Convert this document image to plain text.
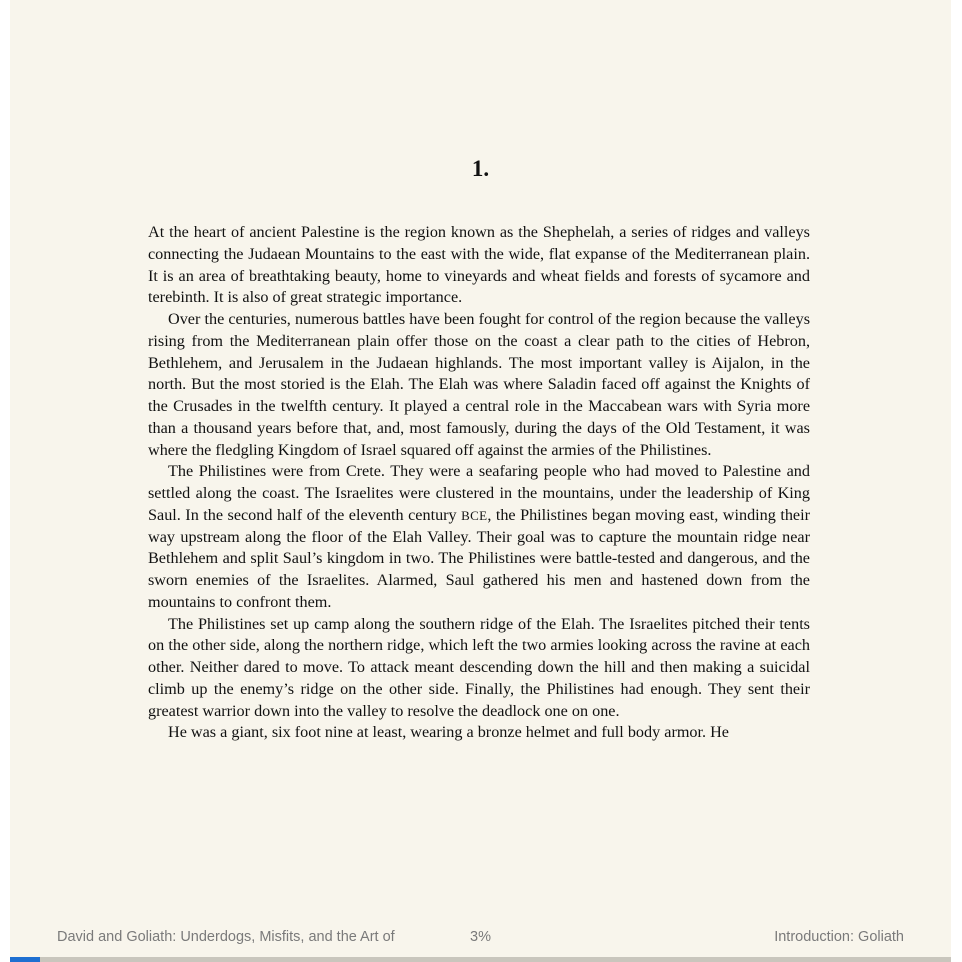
1.

At the heart of ancient Palestine is the region known as the Shephelah, a series of ridges and valleys connecting the Judaean Mountains to the east with the wide, flat expanse of the Mediterranean plain. It is an area of breathtaking beauty, home to vineyards and wheat fields and forests of sycamore and terebinth. It is also of great strategic importance.

Over the centuries, numerous battles have been fought for control of the region because the valleys rising from the Mediterranean plain offer those on the coast a clear path to the cities of Hebron, Bethlehem, and Jerusalem in the Judaean highlands. The most important valley is Aijalon, in the north. But the most storied is the Elah. The Elah was where Saladin faced off against the Knights of the Crusades in the twelfth century. It played a central role in the Maccabean wars with Syria more than a thousand years before that, and, most famously, during the days of the Old Testament, it was where the fledgling Kingdom of Israel squared off against the armies of the Philistines.

The Philistines were from Crete. They were a seafaring people who had moved to Palestine and settled along the coast. The Israelites were clustered in the mountains, under the leadership of King Saul. In the second half of the eleventh century BCE, the Philistines began moving east, winding their way upstream along the floor of the Elah Valley. Their goal was to capture the mountain ridge near Bethlehem and split Saul’s kingdom in two. The Philistines were battle-tested and dangerous, and the sworn enemies of the Israelites. Alarmed, Saul gathered his men and hastened down from the mountains to confront them.

The Philistines set up camp along the southern ridge of the Elah. The Israelites pitched their tents on the other side, along the northern ridge, which left the two armies looking across the ravine at each other. Neither dared to move. To attack meant descending down the hill and then making a suicidal climb up the enemy’s ridge on the other side. Finally, the Philistines had enough. They sent their greatest warrior down into the valley to resolve the deadlock one on one.

He was a giant, six foot nine at least, wearing a bronze helmet and full body armor. He

David and Goliath: Underdogs, Misfits, and the Art of	3%	Introduction: Goliath
